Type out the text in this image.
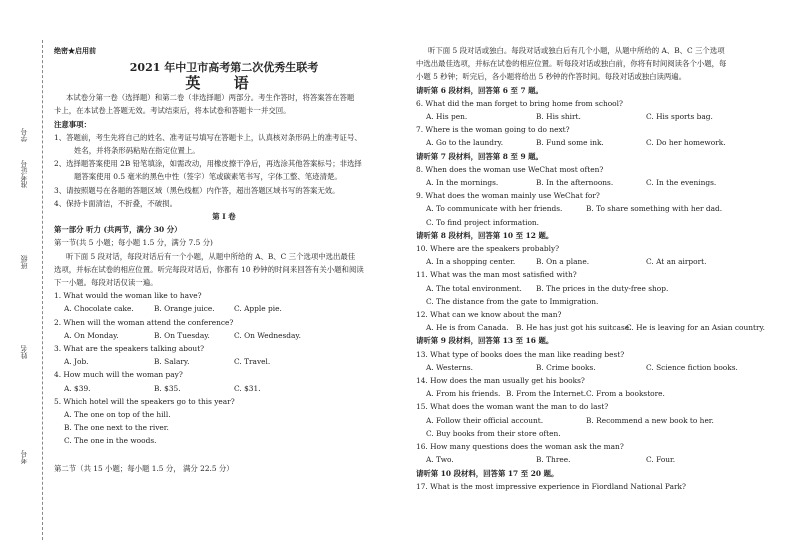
学号
准考证号
班级
姓名
考号

绝密★启用前

2021 年中卫市高考第二次优秀生联考

英 语

本试卷分第一卷（选择题）和第二卷（非选择题）两部分。考生作答时，将答案答在答题

卡上，在本试卷上答题无效。考试结束后，将本试卷和答题卡一并交回。

注意事项：

1、答题前，考生先将自己的姓名、准考证号填写在答题卡上，认真核对条形码上的准考证号、

姓名，并将条形码粘贴在指定位置上。

2、选择题答案使用 2B 铅笔填涂，如需改动，用橡皮擦干净后，再选涂其他答案标号；非选择

题答案使用 0.5 毫米的黑色中性（签字）笔或碳素笔书写，字体工整、笔迹清楚。

3、请按照题号在各题的答题区域（黑色线框）内作答，超出答题区域书写的答案无效。

4、保持卡面清洁，不折叠，不破损。

第 I 卷

第一部分 听力 (共两节，满分 30 分）

第一节(共 5 小题；每小题 1.5 分，满分 7.5 分)

听下面 5 段对话，每段对话后有一个小题，从题中所给的 A、B、C 三个选项中选出最佳

选项，并标在试卷的相应位置。听完每段对话后，你都有 10 秒钟的时间来回答有关小题和阅读

下一小题。每段对话仅读一遍。

1. What would the woman like to have?

A. Chocolate cake.	B. Orange juice.	C. Apple pie.

2. When will the woman attend the conference?

A. On Monday.	B. On Tuesday.	C. On Wednesday.

3. What are the speakers talking about?

A. Job.	B. Salary.	C. Travel.

4. How much will the woman pay?

A. $39.	B. $35.	C. $31.

5. Which hotel will the speakers go to this year?

A. The one on top of the hill.

B. The one next to the river.

C. The one in the woods.

第二节（共 15 小题；每小题 1.5 分， 满分 22.5 分）

听下面 5 段对话或独白。每段对话或独白后有几个小题，从题中所给的 A、B、C 三个选项

中选出最佳选项，并标在试卷的相应位置。听每段对话或独白前，你将有时间阅读各个小题，每

小题 5 秒钟；听完后，各小题将给出 5 秒钟的作答时间。每段对话或独白读两遍。

请听第 6 段材料，回答第 6 至 7 题。

6. What did the man forget to bring home from school?

A. His pen.	B. His shirt.	C. His sports bag.

7. Where is the woman going to do next?

A. Go to the laundry.	B. Fund some ink.	C. Do her homework.

请听第 7 段材料，回答第 8 至 9 题。

8. When does the woman use WeChat most often?

A. In the mornings.	B. In the afternoons.	C. In the evenings.

9. What does the woman mainly use WeChat for?

A. To communicate with her friends.	B. To share something with her dad.

C. To find project information.

请听第 8 段材料，回答第 10 至 12 题。

10. Where are the speakers probably?

A. In a shopping center.	B. On a plane.	C. At an airport.

11. What was the man most satisfied with?

A. The total environment.	B. The prices in the duty-free shop.

C. The distance from the gate to Immigration.

12. What can we know about the man?

A. He is from Canada.	B. He has just got his suitcase.
C. He is leaving for an Asian country.

请听第 9 段材料，回答第 13 至 16 题。

13. What type of books does the man like reading best?

A. Westerns.	B. Crime books.	C. Science fiction books.

14. How does the man usually get his books?

A. From his friends. B. From the Internet. C. From a bookstore.

15. What does the woman want the man to do last?

A. Follow their official account.	B. Recommend a new book to her.

C. Buy books from their store often.

16. How many questions does the woman ask the man?

A. Two.	B. Three.	C. Four.

请听第 10 段材料，回答第 17 至 20 题。

17. What is the most impressive experience in Fiordland National Park?
